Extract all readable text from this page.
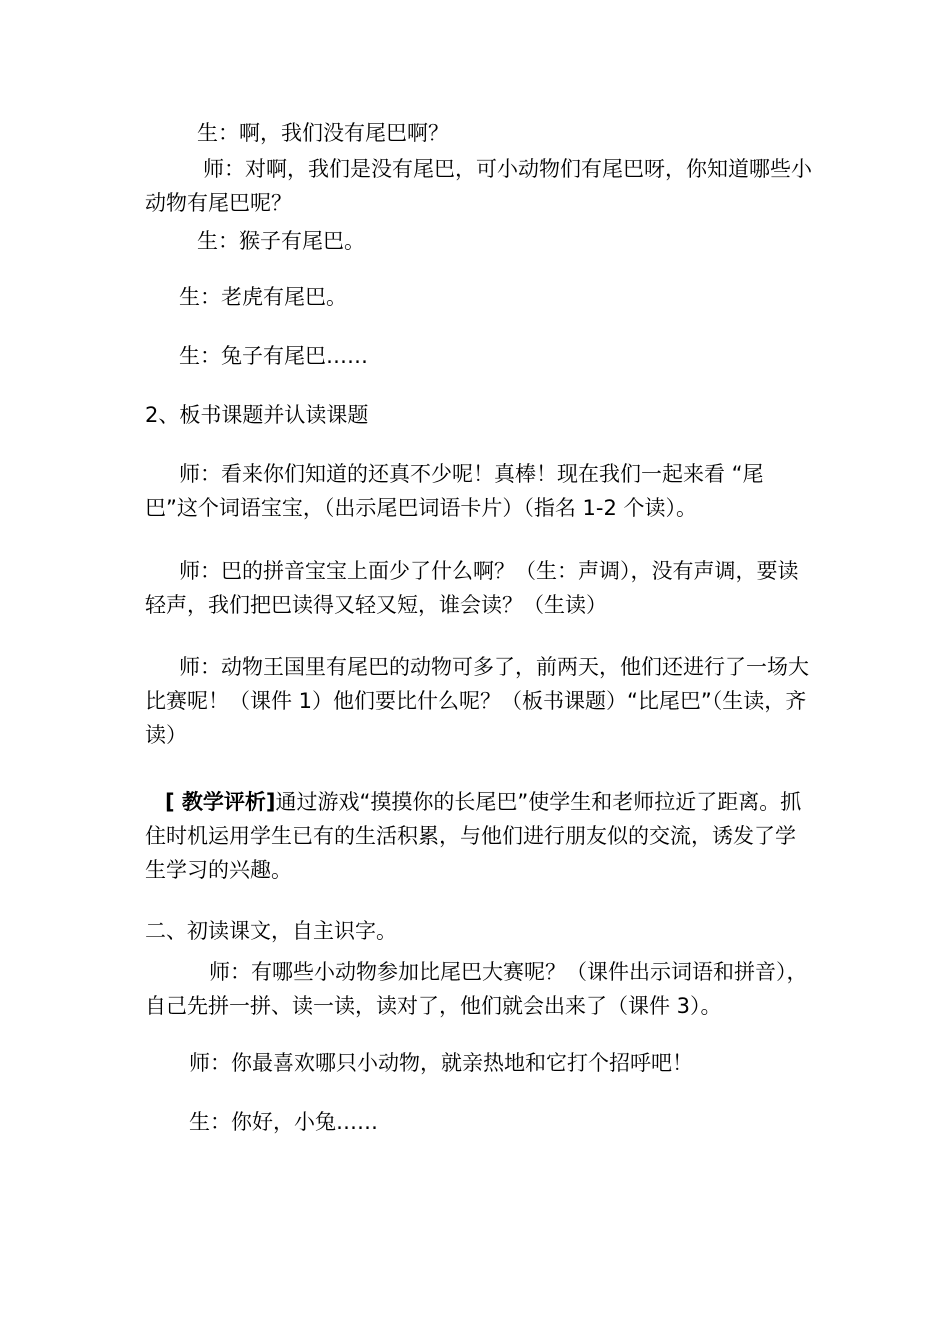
生：啊，我们没有尾巴啊？
师：对啊，我们是没有尾巴，可小动物们有尾巴呀，你知道哪些小动物有尾巴呢？
生：猴子有尾巴。
生：老虎有尾巴。
生：兔子有尾巴……
2、板书课题并认读课题
师：看来你们知道的还真不少呢！真棒！现在我们一起来看 “尾巴”这个词语宝宝，（出示尾巴词语卡片）（指名 1-2 个读）。
师：巴的拼音宝宝上面少了什么啊？（生：声调），没有声调，要读轻声，我们把巴读得又轻又短，谁会读？（生读）
师：动物王国里有尾巴的动物可多了，前两天，他们还进行了一场大比赛呢！（课件 1）他们要比什么呢？（板书课题）“比尾巴”（生读，齐读）
[ 教学评析]通过游戏“摸摸你的长尾巴”使学生和老师拉近了距离。抓住时机运用学生已有的生活积累，与他们进行朋友似的交流，诱发了学生学习的兴趣。
二、初读课文，自主识字。
师：有哪些小动物参加比尾巴大赛呢？（课件出示词语和拼音），自己先拼一拼、读一读，读对了，他们就会出来了（课件 3）。
师：你最喜欢哪只小动物，就亲热地和它打个招呼吧！
生：你好，小兔……
